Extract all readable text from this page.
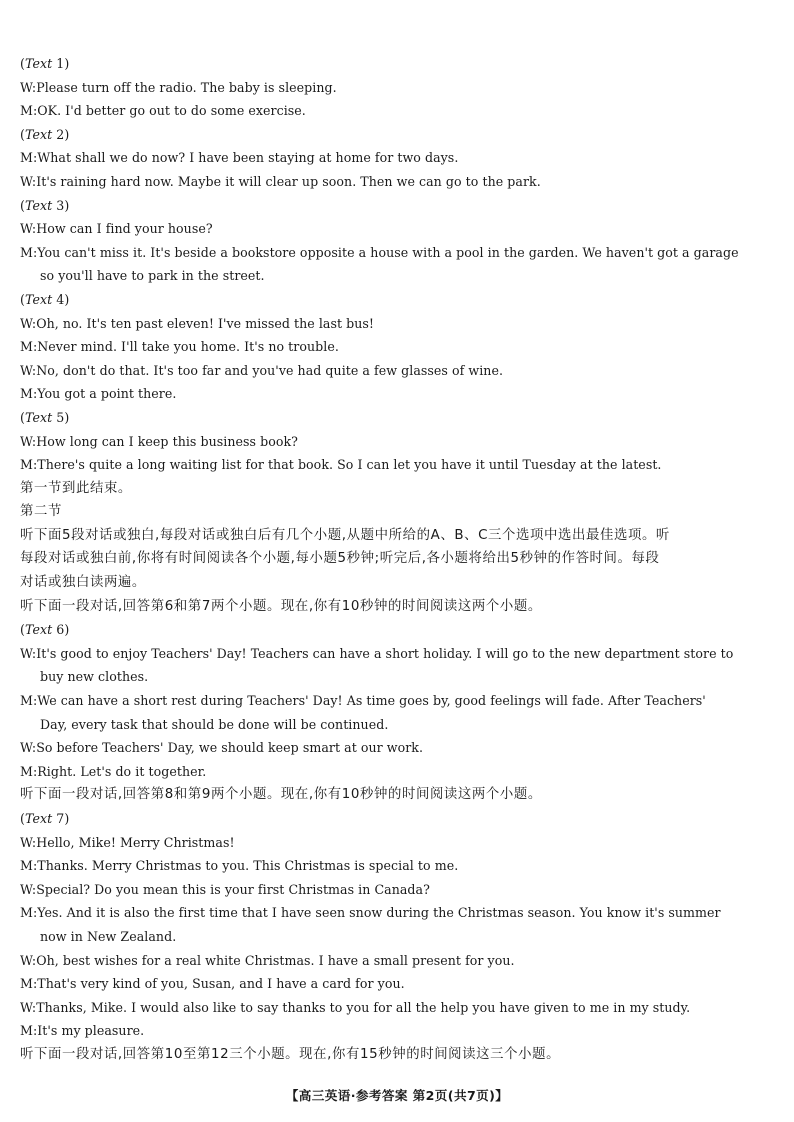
(Text 1)
W:Please turn off the radio. The baby is sleeping.
M:OK. I'd better go out to do some exercise.
(Text 2)
M:What shall we do now? I have been staying at home for two days.
W:It's raining hard now. Maybe it will clear up soon. Then we can go to the park.
(Text 3)
W:How can I find your house?
M:You can't miss it. It's beside a bookstore opposite a house with a pool in the garden. We haven't got a garage
so you'll have to park in the street.
(Text 4)
W:Oh, no. It's ten past eleven! I've missed the last bus!
M:Never mind. I'll take you home. It's no trouble.
W:No, don't do that. It's too far and you've had quite a few glasses of wine.
M:You got a point there.
(Text 5)
W:How long can I keep this business book?
M:There's quite a long waiting list for that book. So I can let you have it until Tuesday at the latest.
第一节到此结束。
第二节
听下面5段对话或独白,每段对话或独白后有几个小题,从题中所给的A、B、C三个选项中选出最佳选项。听
每段对话或独白前,你将有时间阅读各个小题,每小题5秒钟;听完后,各小题将给出5秒钟的作答时间。每段
对话或独白读两遍。
听下面一段对话,回答第6和第7两个小题。现在,你有10秒钟的时间阅读这两个小题。
(Text 6)
W:It's good to enjoy Teachers' Day! Teachers can have a short holiday. I will go to the new department store to
buy new clothes.
M:We can have a short rest during Teachers' Day! As time goes by, good feelings will fade. After Teachers'
Day, every task that should be done will be continued.
W:So before Teachers' Day, we should keep smart at our work.
M:Right. Let's do it together.
听下面一段对话,回答第8和第9两个小题。现在,你有10秒钟的时间阅读这两个小题。
(Text 7)
W:Hello, Mike! Merry Christmas!
M:Thanks. Merry Christmas to you. This Christmas is special to me.
W:Special? Do you mean this is your first Christmas in Canada?
M:Yes. And it is also the first time that I have seen snow during the Christmas season. You know it's summer
now in New Zealand.
W:Oh, best wishes for a real white Christmas. I have a small present for you.
M:That's very kind of you, Susan, and I have a card for you.
W:Thanks, Mike. I would also like to say thanks to you for all the help you have given to me in my study.
M:It's my pleasure.
听下面一段对话,回答第10至第12三个小题。现在,你有15秒钟的时间阅读这三个小题。
【高三英语·参考答案 第2页(共7页)】
